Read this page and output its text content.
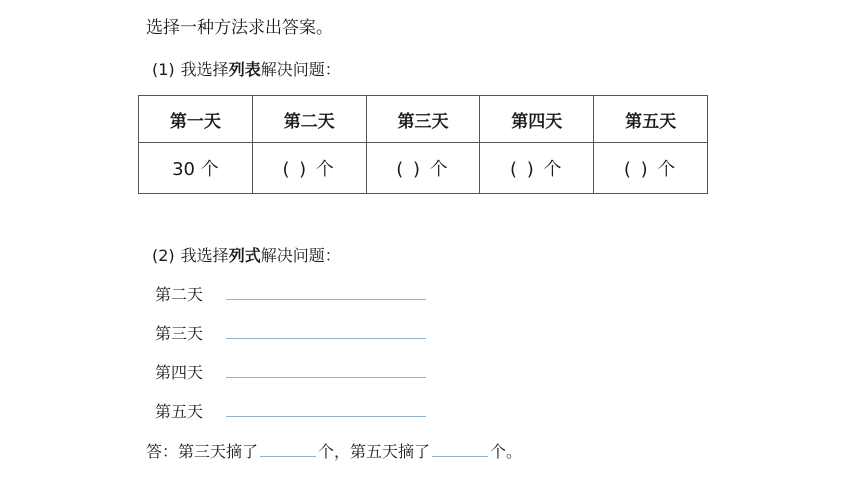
选择一种方法求出答案。
(1) 我选择列表解决问题：
第一天	第二天	第三天	第四天	第五天
30 个	( ) 个	( ) 个	( ) 个	( ) 个
(2) 我选择列式解决问题：
第二天
第三天
第四天
第五天
答：第三天摘了	个，第五天摘了	个。
